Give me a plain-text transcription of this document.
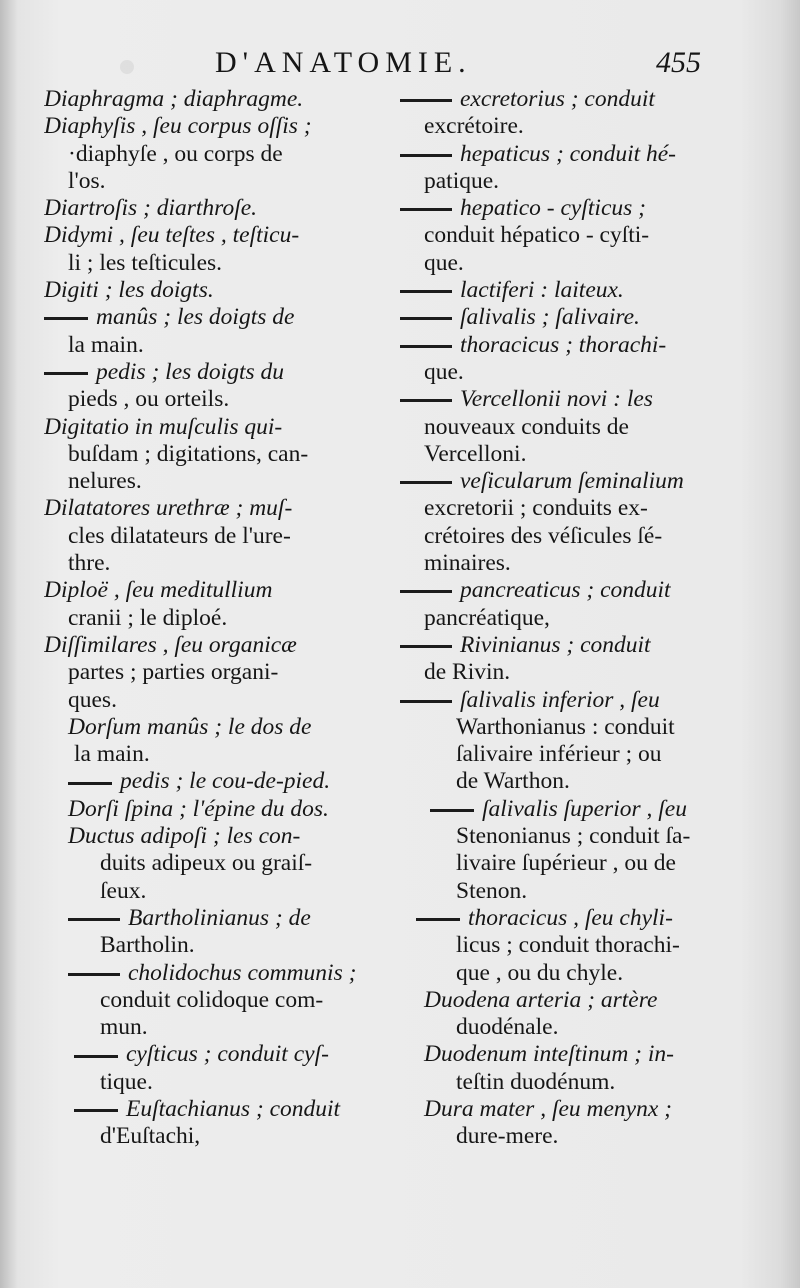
D'ANATOMIE.	455
Diaphragma ; diaphragme.
Diaphyſis , ſeu corpus oſſis ;
·diaphyſe , ou corps de
l'os.
Diartroſis ; diarthroſe.
Didymi , ſeu teſtes , teſticu-
li ; les teſticules.
Digiti ; les doigts.
manûs ; les doigts de
la main.
pedis ; les doigts du
pieds , ou orteils.
Digitatio in muſculis qui-
buſdam ; digitations, can-
nelures.
Dilatatores urethræ ; muſ-
cles dilatateurs de l'ure-
thre.
Diploë , ſeu meditullium
cranii ; le diploé.
Diſſimilares , ſeu organicæ
partes ; parties organi-
ques.
Dorſum manûs ; le dos de
la main.
pedis ; le cou-de-pied.
Dorſi ſpina ; l'épine du dos.
Ductus adipoſi ; les con-
duits adipeux ou graiſ-
ſeux.
Bartholinianus ; de
Bartholin.
cholidochus communis ;
conduit colidoque com-
mun.
cyſticus ; conduit cyſ-
tique.
Euſtachianus ; conduit
d'Euſtachi,
excretorius ; conduit
excrétoire.
hepaticus ; conduit hé-
patique.
hepatico - cyſticus ;
conduit hépatico - cyſti-
que.
lactiferi : laiteux.
ſalivalis ; ſalivaire.
thoracicus ; thorachi-
que.
Vercellonii novi : les
nouveaux conduits de
Vercelloni.
veſicularum ſeminalium
excretorii ; conduits ex-
crétoires des véſicules ſé-
minaires.
pancreaticus ; conduit
pancréatique,
Rivinianus ; conduit
de Rivin.
ſalivalis inferior , ſeu
Warthonianus : conduit
ſalivaire inférieur ; ou
de Warthon.
ſalivalis ſuperior , ſeu
Stenonianus ; conduit ſa-
livaire ſupérieur , ou de
Stenon.
thoracicus , ſeu chyli-
licus ; conduit thorachi-
que , ou du chyle.
Duodena arteria ; artère
duodénale.
Duodenum inteſtinum ; in-
teſtin duodénum.
Dura mater , ſeu menynx ;
dure-mere.
